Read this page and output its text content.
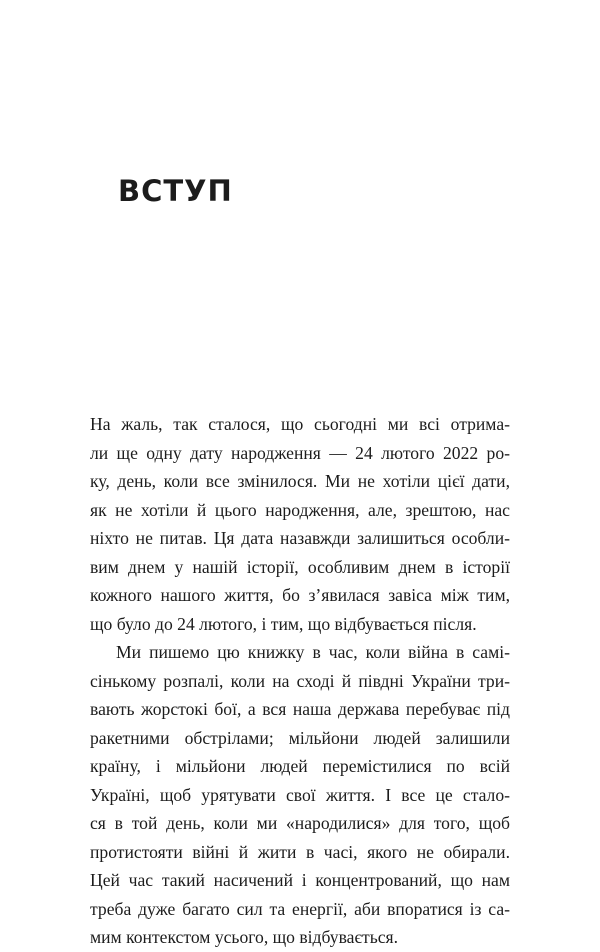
ВСТУП
На жаль, так сталося, що сьогодні ми всі отрима-
ли ще одну дату народження — 24 лютого 2022 ро-
ку, день, коли все змінилося. Ми не хотіли цієї дати,
як не хотіли й цього народження, але, зрештою, нас
ніхто не питав. Ця дата назавжди залишиться особли-
вим днем у нашій історії, особливим днем в історії
кожного нашого життя, бо з’явилася завіса між тим,
що було до 24 лютого, і тим, що відбувається після.
Ми пишемо цю книжку в час, коли війна в самі-
сінькому розпалі, коли на сході й півдні України три-
вають жорстокі бої, а вся наша держава перебуває під
ракетними обстрілами; мільйони людей залишили
країну, і мільйони людей перемістилися по всій
Україні, щоб урятувати свої життя. І все це стало-
ся в той день, коли ми «народилися» для того, щоб
протистояти війні й жити в часі, якого не обирали.
Цей час такий насичений і концентрований, що нам
треба дуже багато сил та енергії, аби впоратися із са-
мим контекстом усього, що відбувається.
